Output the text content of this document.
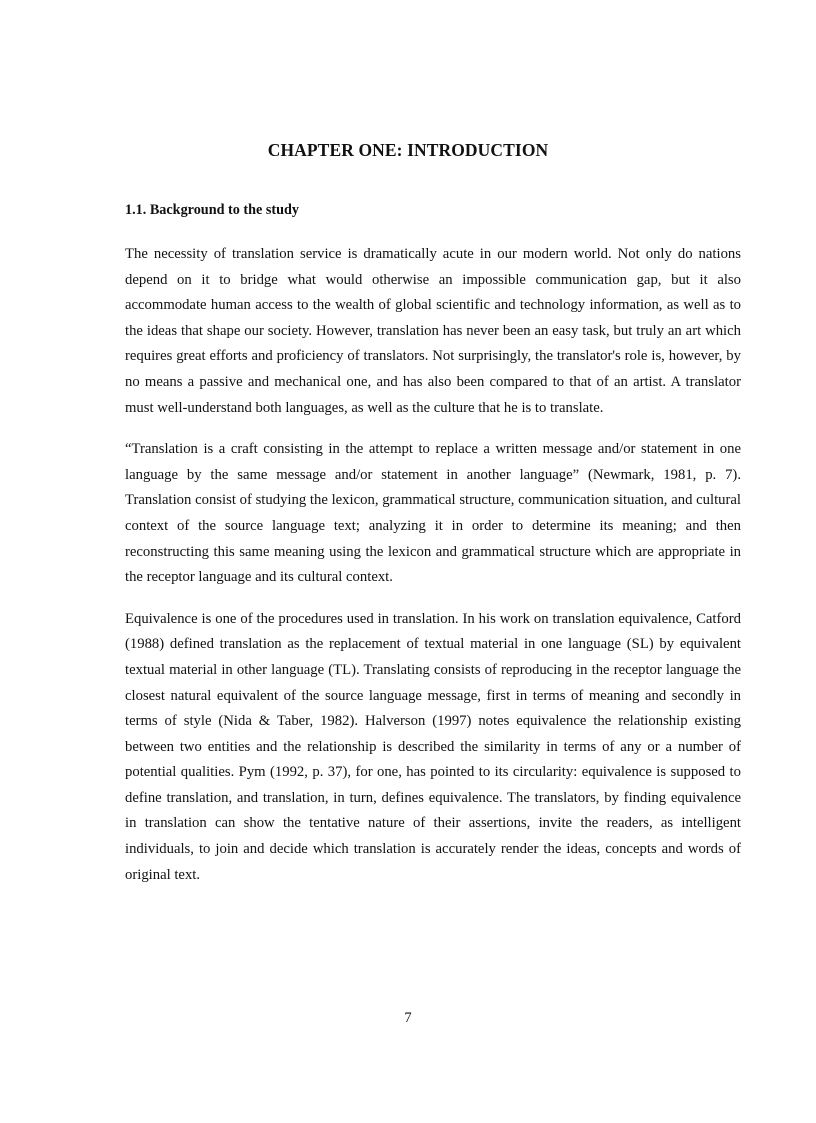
CHAPTER ONE: INTRODUCTION
1.1. Background to the study

The necessity of translation service is dramatically acute in our modern world. Not only do nations depend on it to bridge what would otherwise an impossible communication gap, but it also accommodate human access to the wealth of global scientific and technology information, as well as to the ideas that shape our society. However, translation has never been an easy task, but truly an art which requires great efforts and proficiency of translators. Not surprisingly, the translator's role is, however, by no means a passive and mechanical one, and has also been compared to that of an artist. A translator must well-understand both languages, as well as the culture that he is to translate.

“Translation is a craft consisting in the attempt to replace a written message and/or statement in one language by the same message and/or statement in another language” (Newmark, 1981, p. 7). Translation consist of studying the lexicon, grammatical structure, communication situation, and cultural context of the source language text; analyzing it in order to determine its meaning; and then reconstructing this same meaning using the lexicon and grammatical structure which are appropriate in the receptor language and its cultural context.

Equivalence is one of the procedures used in translation. In his work on translation equivalence, Catford (1988) defined translation as the replacement of textual material in one language (SL) by equivalent textual material in other language (TL). Translating consists of reproducing in the receptor language the closest natural equivalent of the source language message, first in terms of meaning and secondly in terms of style (Nida & Taber, 1982). Halverson (1997) notes equivalence the relationship existing between two entities and the relationship is described the similarity in terms of any or a number of potential qualities. Pym (1992, p. 37), for one, has pointed to its circularity: equivalence is supposed to define translation, and translation, in turn, defines equivalence. The translators, by finding equivalence in translation can show the tentative nature of their assertions, invite the readers, as intelligent individuals, to join and decide which translation is accurately render the ideas, concepts and words of original text.

7
